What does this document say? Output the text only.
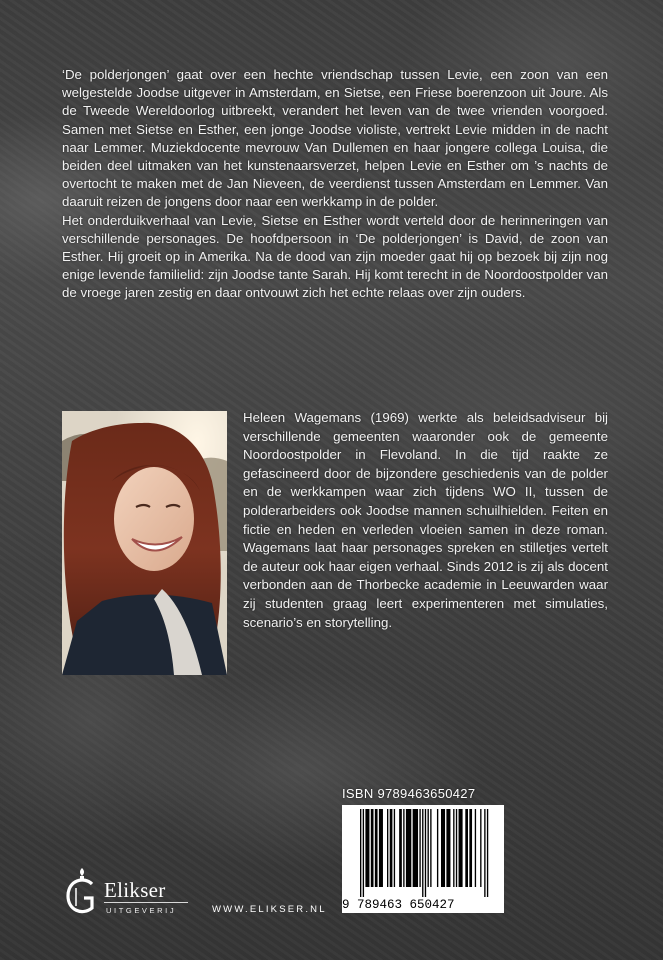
‘De polderjongen’ gaat over een hechte vriendschap tussen Levie, een zoon van een welgestelde Joodse uitgever in Amsterdam, en Sietse, een Friese boerenzoon uit Joure. Als de Tweede Wereldoorlog uitbreekt, verandert het leven van de twee vrienden voorgoed. Samen met Sietse en Esther, een jonge Joodse violiste, vertrekt Levie midden in de nacht naar Lemmer. Muziekdocente mevrouw Van Dullemen en haar jongere collega Louisa, die beiden deel uitmaken van het kunstenaarsverzet, helpen Levie en Esther om ’s nachts de overtocht te maken met de Jan Nieveen, de veerdienst tussen Amsterdam en Lemmer. Van daaruit reizen de jongens door naar een werkkamp in de polder.

Het onderduikverhaal van Levie, Sietse en Esther wordt verteld door de herinneringen van verschillende personages. De hoofdpersoon in ‘De polderjongen’ is David, de zoon van Esther. Hij groeit op in Amerika. Na de dood van zijn moeder gaat hij op bezoek bij zijn nog enige levende familielid: zijn Joodse tante Sarah. Hij komt terecht in de Noordoostpolder van de vroege jaren zestig en daar ontvouwt zich het echte relaas over zijn ouders.

Heleen Wagemans (1969) werkte als beleidsadviseur bij verschillende gemeenten waaronder ook de gemeente Noordoostpolder in Flevoland. In die tijd raakte ze gefascineerd door de bijzondere geschiedenis van de polder en de werkkampen waar zich tijdens WO II, tussen de polderarbeiders ook Joodse mannen schuilhielden. Feiten en fictie en heden en verleden vloeien samen in deze roman. Wagemans laat haar personages spreken en stilletjes vertelt de auteur ook haar eigen verhaal. Sinds 2012 is zij als docent verbonden aan de Thorbecke academie in Leeuwarden waar zij studenten graag leert experimenteren met simulaties, scenario’s en storytelling.
ISBN 9789463650427
9 789463 650427
Elikser
UITGEVERIJ	WWW.ELIKSER.NL
